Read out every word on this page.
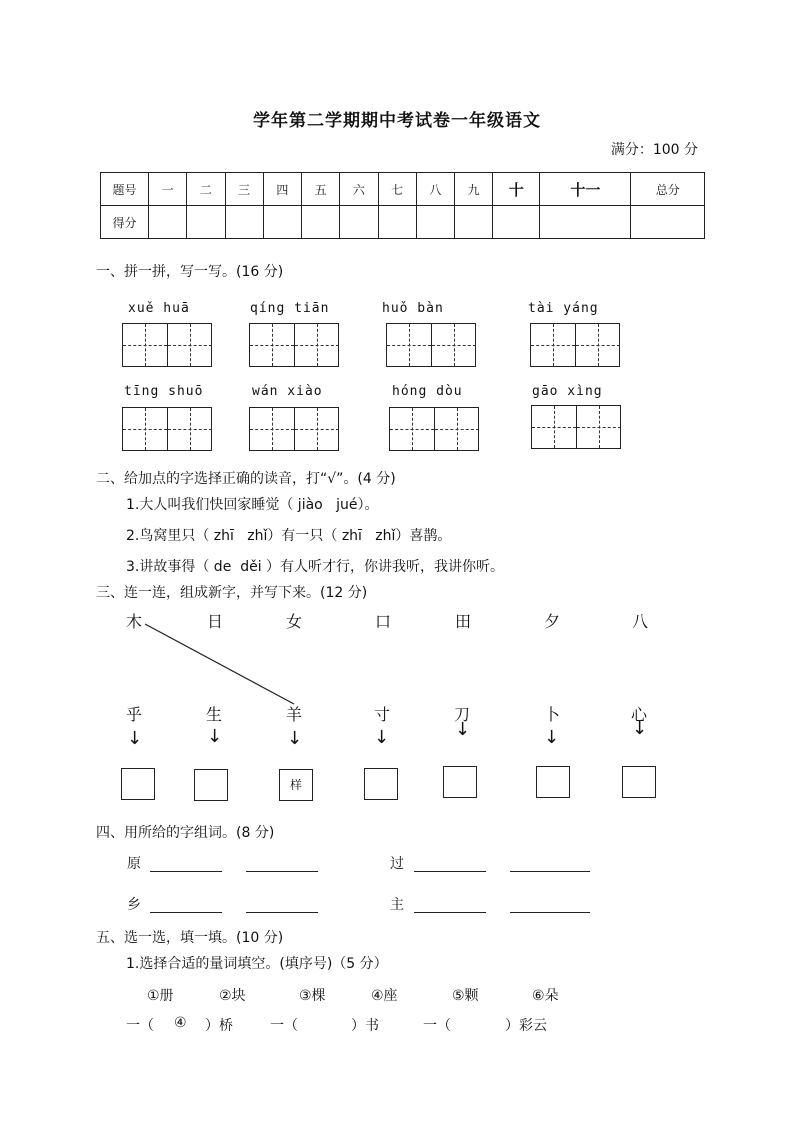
学年第二学期期中考试卷一年级语文
满分：100 分
题号	一	二	三	四	五	六	七	八	九	十	十一	总分
得分												
一、拼一拼，写一写。(16 分)
xuě huā	qíng tiān	huǒ bàn	tài yáng
tīng shuō	wán xiào	hóng dòu	gāo xìng
二、给加点的字选择正确的读音，打“√”。(4 分)
1.大人叫我们快回家睡觉（ jiào   jué）。
2.鸟窝里只（ zhī   zhǐ）有一只（ zhī   zhǐ）喜鹊。
3.讲故事得（ de  děi ）有人听才行，你讲我听，我讲你听。
三、连一连，组成新字，并写下来。(12 分)
木	日	女	口	田	夕	八
乎	生	羊	寸	刀	卜	心
↓	↓	↓	↓	↓	↓	↓
样
四、用所给的字组词。(8 分)
原	过
乡	主
五、选一选，填一填。(10 分)
1.选择合适的量词填空。(填序号)（5 分）
①册	②块	③棵	④座	⑤颗	⑥朵
一（ ④ ）桥	一（	）书	一（	）彩云
